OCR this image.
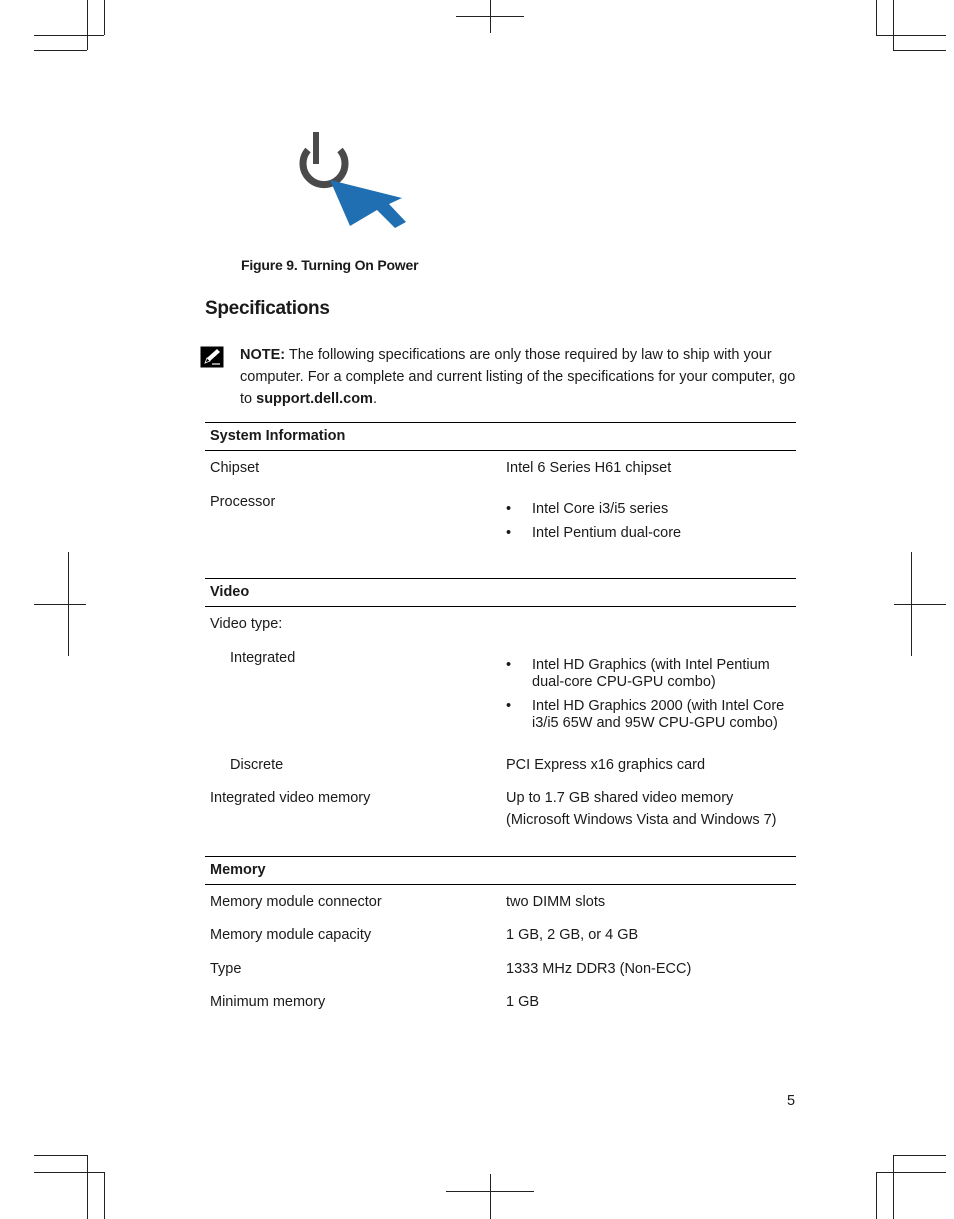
Figure 9. Turning On Power
Specifications
NOTE: The following specifications are only those required by law to ship with your computer. For a complete and current listing of the specifications for your computer, go to support.dell.com.
System Information
Chipset	Intel 6 Series H61 chipset
Processor	• Intel Core i3/i5 series
• Intel Pentium dual-core
Video
Video type:
Integrated	• Intel HD Graphics (with Intel Pentium dual-core CPU-GPU combo)
• Intel HD Graphics 2000 (with Intel Core i3/i5 65W and 95W CPU-GPU combo)
Discrete	PCI Express x16 graphics card
Integrated video memory	Up to 1.7 GB shared video memory (Microsoft Windows Vista and Windows 7)
Memory
Memory module connector	two DIMM slots
Memory module capacity	1 GB, 2 GB, or 4 GB
Type	1333 MHz DDR3 (Non-ECC)
Minimum memory	1 GB
5
